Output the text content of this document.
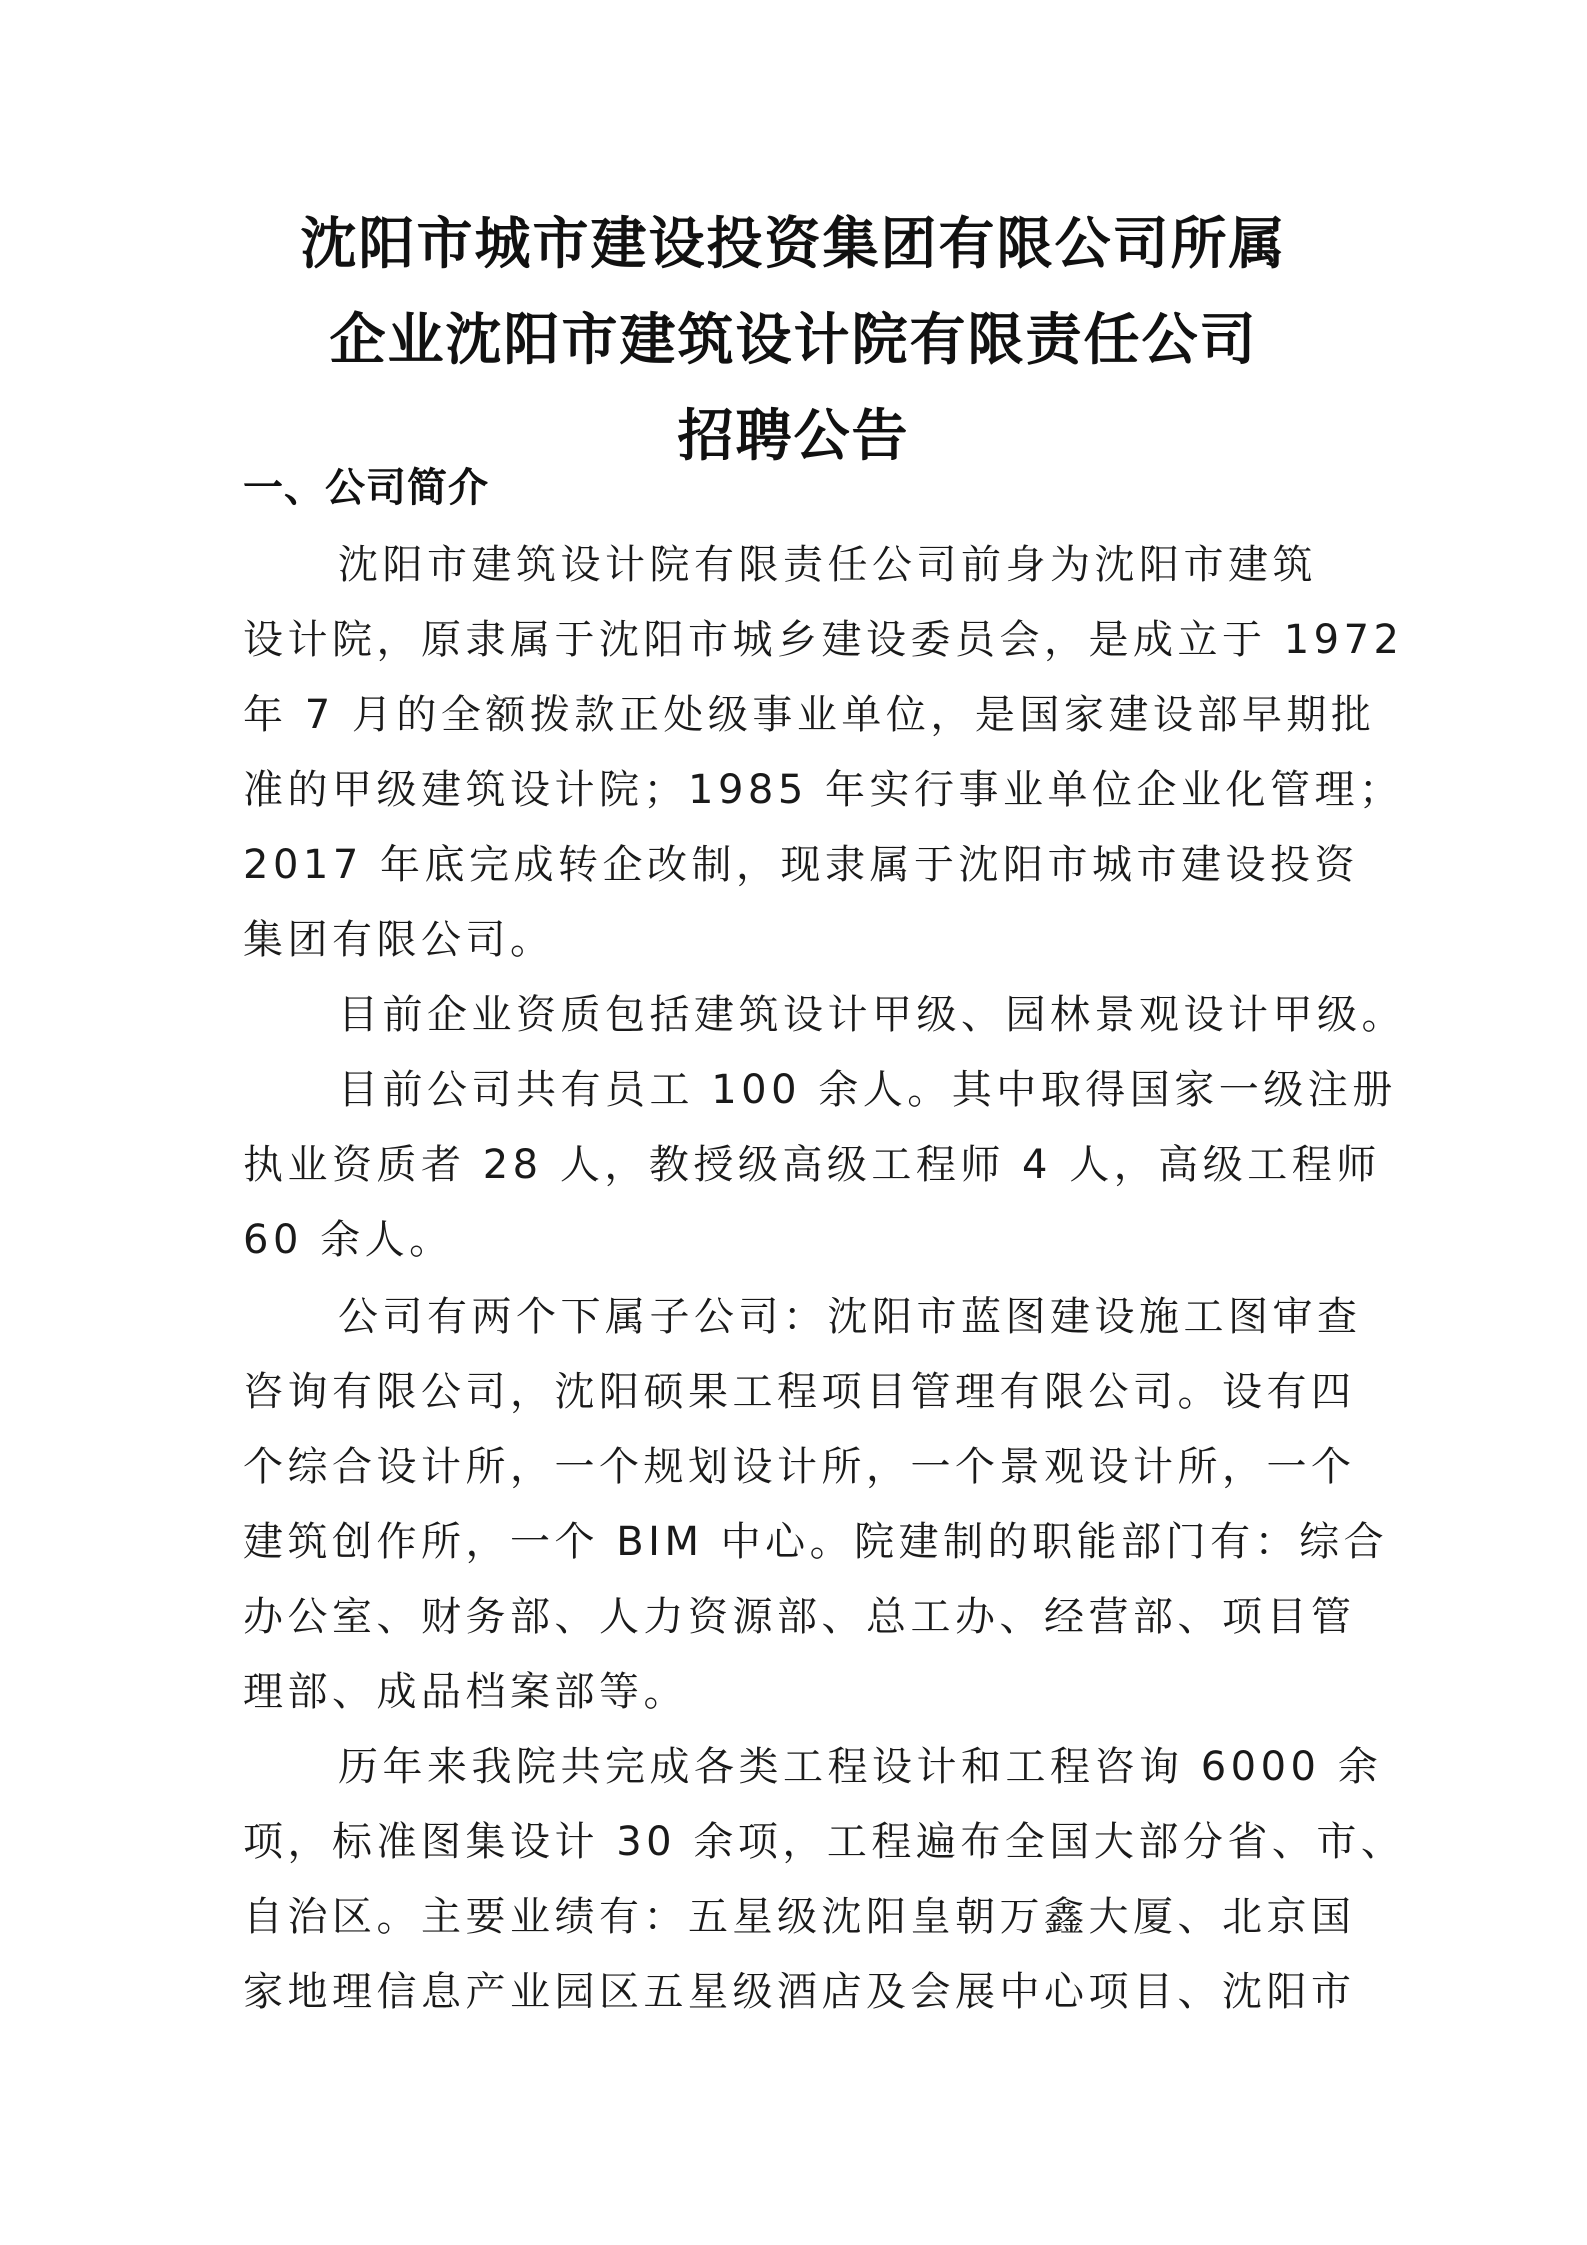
沈阳市城市建设投资集团有限公司所属
企业沈阳市建筑设计院有限责任公司
招聘公告
一、公司简介
沈阳市建筑设计院有限责任公司前身为沈阳市建筑
设计院，原隶属于沈阳市城乡建设委员会，是成立于 1972
年 7 月的全额拨款正处级事业单位，是国家建设部早期批
准的甲级建筑设计院；1985 年实行事业单位企业化管理；
2017 年底完成转企改制，现隶属于沈阳市城市建设投资
集团有限公司。
目前企业资质包括建筑设计甲级、园林景观设计甲级。
目前公司共有员工 100 余人。其中取得国家一级注册
执业资质者 28 人，教授级高级工程师 4 人，高级工程师
60 余人。
公司有两个下属子公司：沈阳市蓝图建设施工图审查
咨询有限公司，沈阳硕果工程项目管理有限公司。设有四
个综合设计所，一个规划设计所，一个景观设计所，一个
建筑创作所，一个 BIM 中心。院建制的职能部门有：综合
办公室、财务部、人力资源部、总工办、经营部、项目管
理部、成品档案部等。
历年来我院共完成各类工程设计和工程咨询 6000 余
项，标准图集设计 30 余项，工程遍布全国大部分省、市、
自治区。主要业绩有：五星级沈阳皇朝万鑫大厦、北京国
家地理信息产业园区五星级酒店及会展中心项目、沈阳市
